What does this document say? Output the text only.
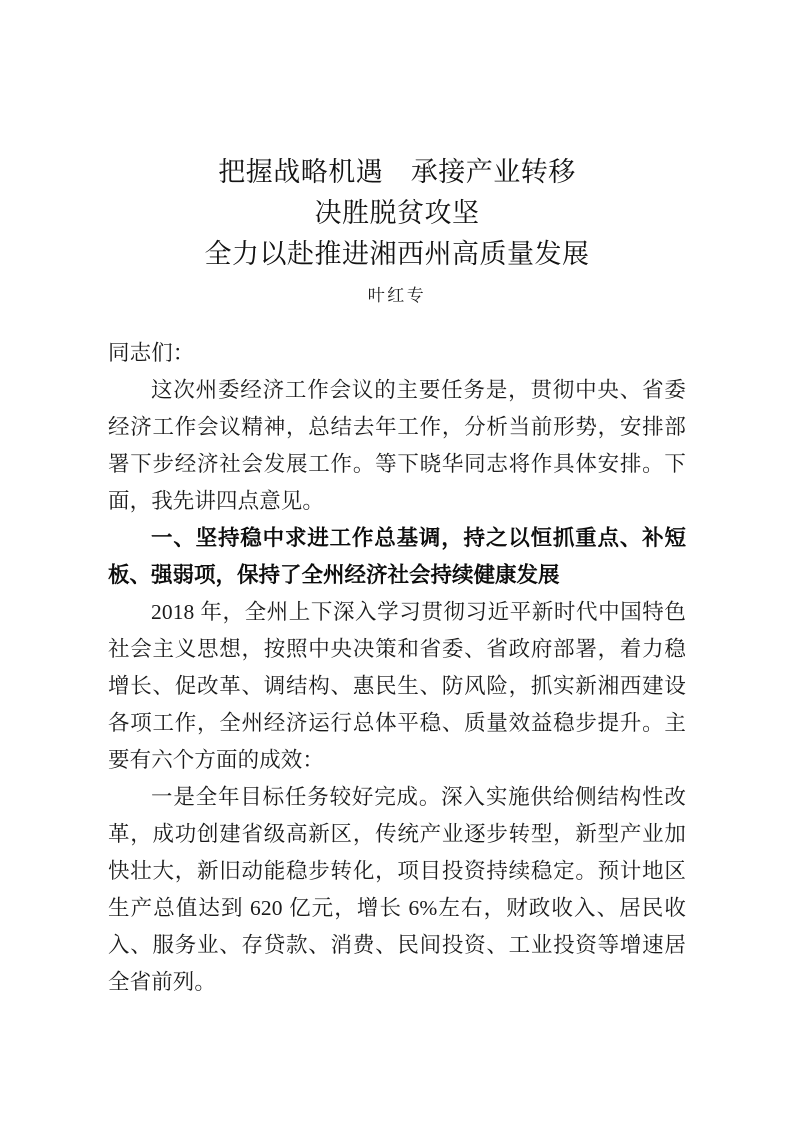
把握战略机遇　承接产业转移
决胜脱贫攻坚
全力以赴推进湘西州高质量发展

叶红专

同志们：

这次州委经济工作会议的主要任务是，贯彻中央、省委经济工作会议精神，总结去年工作，分析当前形势，安排部署下步经济社会发展工作。等下晓华同志将作具体安排。下面，我先讲四点意见。

一、坚持稳中求进工作总基调，持之以恒抓重点、补短板、强弱项，保持了全州经济社会持续健康发展

2018 年，全州上下深入学习贯彻习近平新时代中国特色社会主义思想，按照中央决策和省委、省政府部署，着力稳增长、促改革、调结构、惠民生、防风险，抓实新湘西建设各项工作，全州经济运行总体平稳、质量效益稳步提升。主要有六个方面的成效：

一是全年目标任务较好完成。深入实施供给侧结构性改革，成功创建省级高新区，传统产业逐步转型，新型产业加快壮大，新旧动能稳步转化，项目投资持续稳定。预计地区生产总值达到 620 亿元，增长 6%左右，财政收入、居民收入、服务业、存贷款、消费、民间投资、工业投资等增速居全省前列。
